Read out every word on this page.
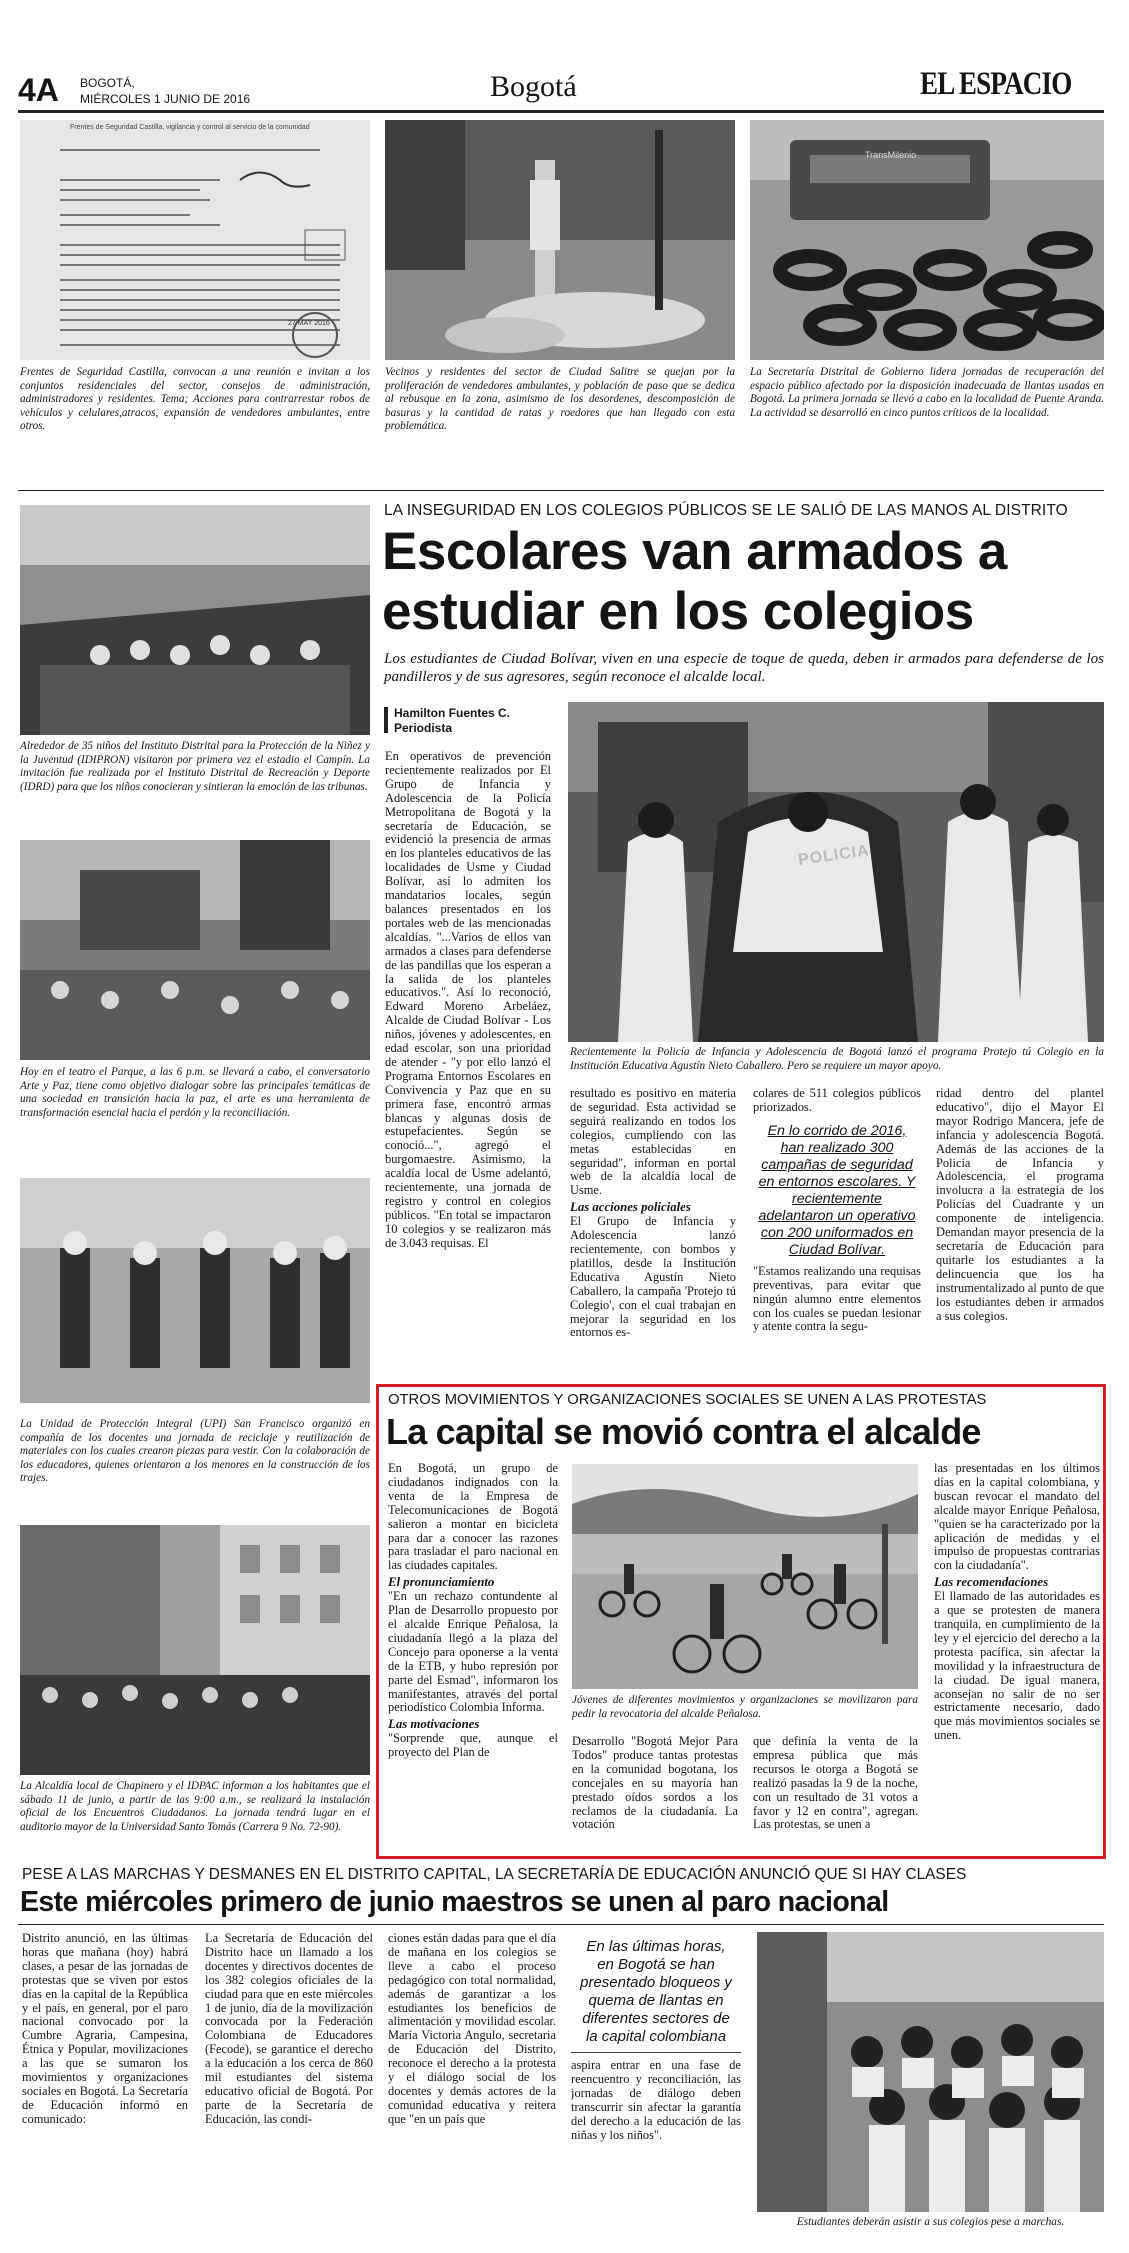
4A BOGOTÁ,
MIÉRCOLES 1 JUNIO DE 2016	Bogotá	EL ESPACIO
Frentes de Seguridad Castilla, vigilancia y control al servicio de la comunidad
27 MAY 2016
Frentes de Seguridad Castilla, convocan a una reunión e invitan a los conjuntos residenciales del sector, consejos de administración, administradores y residentes. Tema; Acciones para contrarrestar robos de vehículos y celulares,atracos, expansión de vendedores ambulantes, entre otros.
Vecinos y residentes del sector de Ciudad Salitre se quejan por la proliferación de vendedores ambulantes, y población de paso que se dedica al rebusque en la zona, asimismo de los desordenes, descomposición de basuras y la cantidad de ratas y roedores que han llegado con esta problemática.
TransMilenio
La Secretaría Distrital de Gobierno lidera jornadas de recuperación del espacio público afectado por la disposición inadecuada de llantas usadas en Bogotá. La primera jornada se llevó a cabo en la localidad de Puente Aranda. La actividad se desarrolló en cinco puntos críticos de la localidad.
Alrededor de 35 niños del Instituto Distrital para la Protección de la Niñez y la Juventud (IDIPRON) visitaron por primera vez el estadio el Campín. La invitación fue realizada por el Instituto Distrital de Recreación y Deporte (IDRD) para que los niños conocieran y sintieran la emoción de las tribunas.
Hoy en el teatro el Parque, a las 6 p.m. se llevará a cabo, el conversatorio Arte y Paz, tiene como objetivo dialogar sobre las principales temáticas de una sociedad en transición hacia la paz, el arte es una herramienta de transformación esencial hacia el perdón y la reconciliación.
La Unidad de Protección Integral (UPI) San Francisco organizó en compañía de los docentes una jornada de reciclaje y reutilización de materiales con los cuales crearon piezas para vestir. Con la colaboración de los educadores, quienes orientaron a los menores en la construcción de los trajes.
La Alcaldía local de Chapinero y el IDPAC informan a los habitantes que el sábado 11 de junio, a partir de las 9:00 a.m., se realizará la instalación oficial de los Encuentros Ciudadanos. La jornada tendrá lugar en el auditorio mayor de la Universidad Santo Tomás (Carrera 9 No. 72-90).
LA INSEGURIDAD EN LOS COLEGIOS PÚBLICOS SE LE SALIÓ DE LAS MANOS AL DISTRITO
Escolares van armados a
estudiar en los colegios
Los estudiantes de Ciudad Bolívar, viven en una especie de toque de queda, deben ir armados para defenderse de los pandilleros y de sus agresores, según reconoce el alcalde local.
Hamilton Fuentes C.
Periodista
En operativos de prevención recientemente realizados por El Grupo de Infancia y Adolescencia de la Policía Metropolitana de Bogotá y la secretaría de Educación, se evidenció la presencia de armas en los planteles educativos de las localidades de Usme y Ciudad Bolívar, así lo admiten los mandatarios locales, según balances presentados en los portales web de las mencionadas alcaldías. "...Varios de ellos van armados a clases para defenderse de las pandillas que los esperan a la salida de los planteles educativos.". Así lo reconoció, Edward Moreno Arbeláez, Alcalde de Ciudad Bolívar - Los niños, jóvenes y adolescentes, en edad escolar, son una prioridad de atender - "y por ello lanzó el Programa Entornos Escolares en Convivencia y Paz que en su primera fase, encontró armas blancas y algunas dosis de estupefacientes. Según se conoció...", agregó el burgomaestre. Asimismo, la acaldía local de Usme adelantó, recientemente, una jornada de registro y control en colegios públicos. "En total se impactaron 10 colegios y se realizaron más de 3.043 requisas. El
POLICIA
Recientemente la Policía de Infancia y Adolescencia de Bogotá lanzó el programa Protejo tú Colegio en la Institución Educativa Agustín Nieto Caballero. Pero se requiere un mayor apoyo.
resultado es positivo en materia de seguridad. Esta actividad se seguirá realizando en todos los colegios, cumpliendo con las metas establecidas en seguridad", informan en portal web de la alcaldía local de Usme.
Las acciones policiales
El Grupo de Infancia y Adolescencia lanzó recientemente, con bombos y platillos, desde la Institución Educativa Agustín Nieto Caballero, la campaña 'Protejo tú Colegio', con el cual trabajan en mejorar la seguridad en los entornos es-
colares de 511 colegios públicos priorizados.
En lo corrido de 2016, han realizado 300 campañas de seguridad en entornos escolares. Y recientemente adelantaron un operativo con 200 uniformados en Ciudad Bolívar.
"Estamos realizando una requisas preventivas, para evitar que ningún alumno entre elementos con los cuales se puedan lesionar y atente contra la segu-
ridad dentro del plantel educativo", dijo el Mayor El mayor Rodrigo Mancera, jefe de infancia y adolescencia Bogotá. Además de las acciones de la Policía de Infancia y Adolescencia, el programa involucra a la estrategia de los Policías del Cuadrante y un componente de inteligencia. Demandan mayor presencia de la secretaría de Educación para quitarle los estudiantes a la delincuencia que los ha instrumentalizado al punto de que los estudiantes deben ir armados a sus colegios.
OTROS MOVIMIENTOS Y ORGANIZACIONES SOCIALES SE UNEN A LAS PROTESTAS
La capital se movió contra el alcalde
En Bogotá, un grupo de ciudadanos indignados con la venta de la Empresa de Telecomunicaciones de Bogotá salieron a montar en bicicleta para dar a conocer las razones para trasladar el paro nacional en las ciudades capitales.
El pronunciamiento
"En un rechazo contundente al Plan de Desarrollo propuesto por el alcalde Enrique Peñalosa, la ciudadanía llegó a la plaza del Concejo para oponerse a la venta de la ETB, y hubo represión por parte del Esmad", informaron los manifestantes, através del portal periodístico Colombia Informa.
Las motivaciones
"Sorprende que, aunque el proyecto del Plan de
Jóvenes de diferentes movimientos y organizaciones se movilizaron para pedir la revocatoria del alcalde Peñalosa.
Desarrollo "Bogotá Mejor Para Todos" produce tantas protestas en la comunidad bogotana, los concejales en su mayoría han prestado oídos sordos a los reclamos de la ciudadanía. La votación
que definía la venta de la empresa pública que más recursos le otorga a Bogotá se realizó pasadas la 9 de la noche, con un resultado de 31 votos a favor y 12 en contra", agregan. Las protestas, se unen a
las presentadas en los últimos días en la capital colombiana, y buscan revocar el mandato del alcalde mayor Enrique Peñalosa, "quien se ha caracterizado por la aplicación de medidas y el impulso de propuestas contrarias con la ciudadanía".
Las recomendaciones
El llamado de las autoridades es a que se protesten de manera tranquila, en cumplimiento de la ley y el ejercicio del derecho a la protesta pacífica, sin afectar la movilidad y la infraestructura de la ciudad. De igual manera, aconsejan no salir de no ser estrictamente necesario, dado que más movimientos sociales se unen.
PESE A LAS MARCHAS Y DESMANES EN EL DISTRITO CAPITAL, LA SECRETARÍA DE EDUCACIÓN ANUNCIÓ QUE SI HAY CLASES
Este miércoles primero de junio maestros se unen al paro nacional
Distrito anunció, en las últimas horas que mañana (hoy) habrá clases, a pesar de las jornadas de protestas que se viven por estos días en la capital de la República y el país, en general, por el paro nacional convocado por la Cumbre Agraria, Campesina, Étnica y Popular, movilizaciones a las que se sumaron los movimientos y organizaciones sociales en Bogotá. La Secretaría de Educación informó en comunicado:
La Secretaría de Educación del Distrito hace un llamado a los docentes y directivos docentes de los 382 colegios oficiales de la ciudad para que en este miércoles 1 de junio, día de la movilización convocada por la Federación Colombiana de Educadores (Fecode), se garantice el derecho a la educación a los cerca de 860 mil estudiantes del sistema educativo oficial de Bogotá. Por parte de la Secretaría de Educación, las condi-
ciones están dadas para que el día de mañana en los colegios se lleve a cabo el proceso pedagógico con total normalidad, además de garantizar a los estudiantes los beneficios de alimentación y movilidad escolar. María Victoria Angulo, secretaria de Educación del Distrito, reconoce el derecho a la protesta y el diálogo social de los docentes y demás actores de la comunidad educativa y reitera que "en un país que
En las últimas horas, en Bogotá se han presentado bloqueos y quema de llantas en diferentes sectores de la capital colombiana
aspira entrar en una fase de reencuentro y reconciliación, las jornadas de diálogo deben transcurrir sin afectar la garantía del derecho a la educación de las niñas y los niños".
Estudiantes deberán asistir a sus colegios pese a marchas.
